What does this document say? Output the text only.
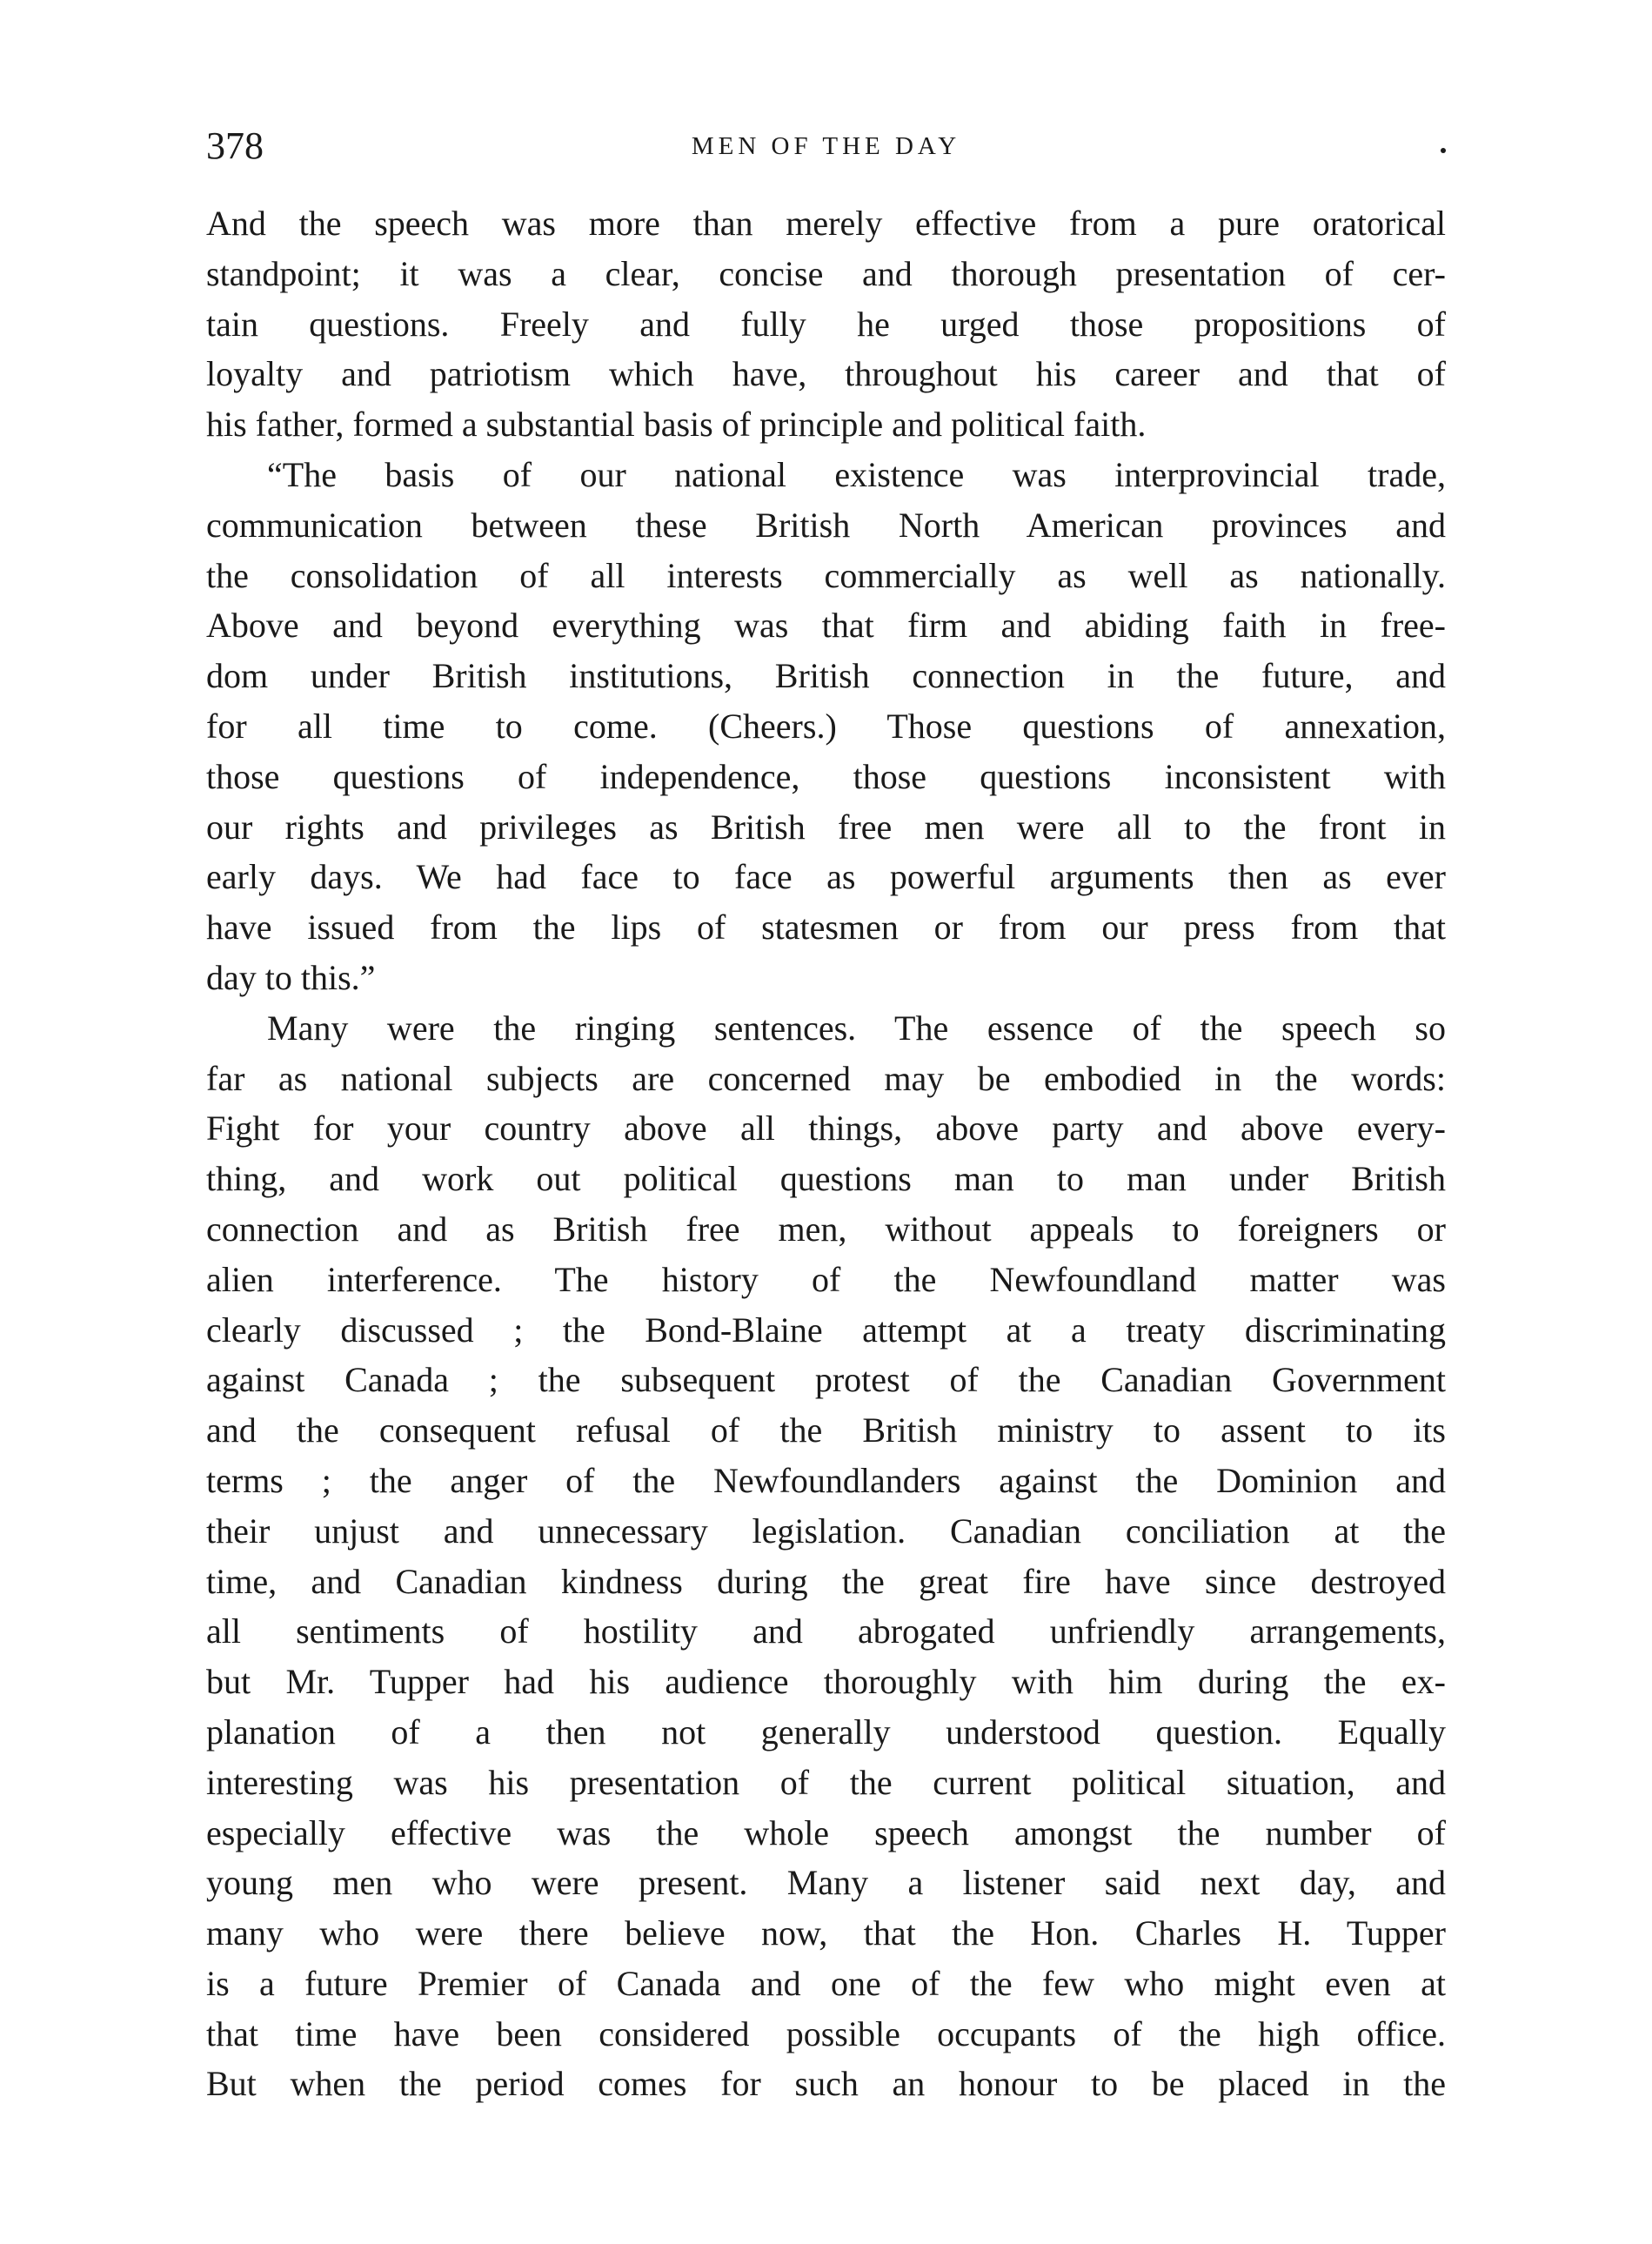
378	MEN OF THE DAY
And the speech was more than merely effective from a pure oratorical
standpoint; it was a clear, concise and thorough presentation of cer-
tain questions. Freely and fully he urged those propositions of
loyalty and patriotism which have, throughout his career and that of
his father, formed a substantial basis of principle and political faith.
“The basis of our national existence was interprovincial trade,
communication between these British North American provinces and
the consolidation of all interests commercially as well as nationally.
Above and beyond everything was that firm and abiding faith in free-
dom under British institutions, British connection in the future, and
for all time to come. (Cheers.) Those questions of annexation,
those questions of independence, those questions inconsistent with
our rights and privileges as British free men were all to the front in
early days. We had face to face as powerful arguments then as ever
have issued from the lips of statesmen or from our press from that
day to this.”
Many were the ringing sentences. The essence of the speech so
far as national subjects are concerned may be embodied in the words:
Fight for your country above all things, above party and above every-
thing, and work out political questions man to man under British
connection and as British free men, without appeals to foreigners or
alien interference. The history of the Newfoundland matter was
clearly discussed ; the Bond-Blaine attempt at a treaty discriminating
against Canada ; the subsequent protest of the Canadian Government
and the consequent refusal of the British ministry to assent to its
terms ; the anger of the Newfoundlanders against the Dominion and
their unjust and unnecessary legislation. Canadian conciliation at the
time, and Canadian kindness during the great fire have since destroyed
all sentiments of hostility and abrogated unfriendly arrangements,
but Mr. Tupper had his audience thoroughly with him during the ex-
planation of a then not generally understood question. Equally
interesting was his presentation of the current political situation, and
especially effective was the whole speech amongst the number of
young men who were present. Many a listener said next day, and
many who were there believe now, that the Hon. Charles H. Tupper
is a future Premier of Canada and one of the few who might even at
that time have been considered possible occupants of the high office.
But when the period comes for such an honour to be placed in the
